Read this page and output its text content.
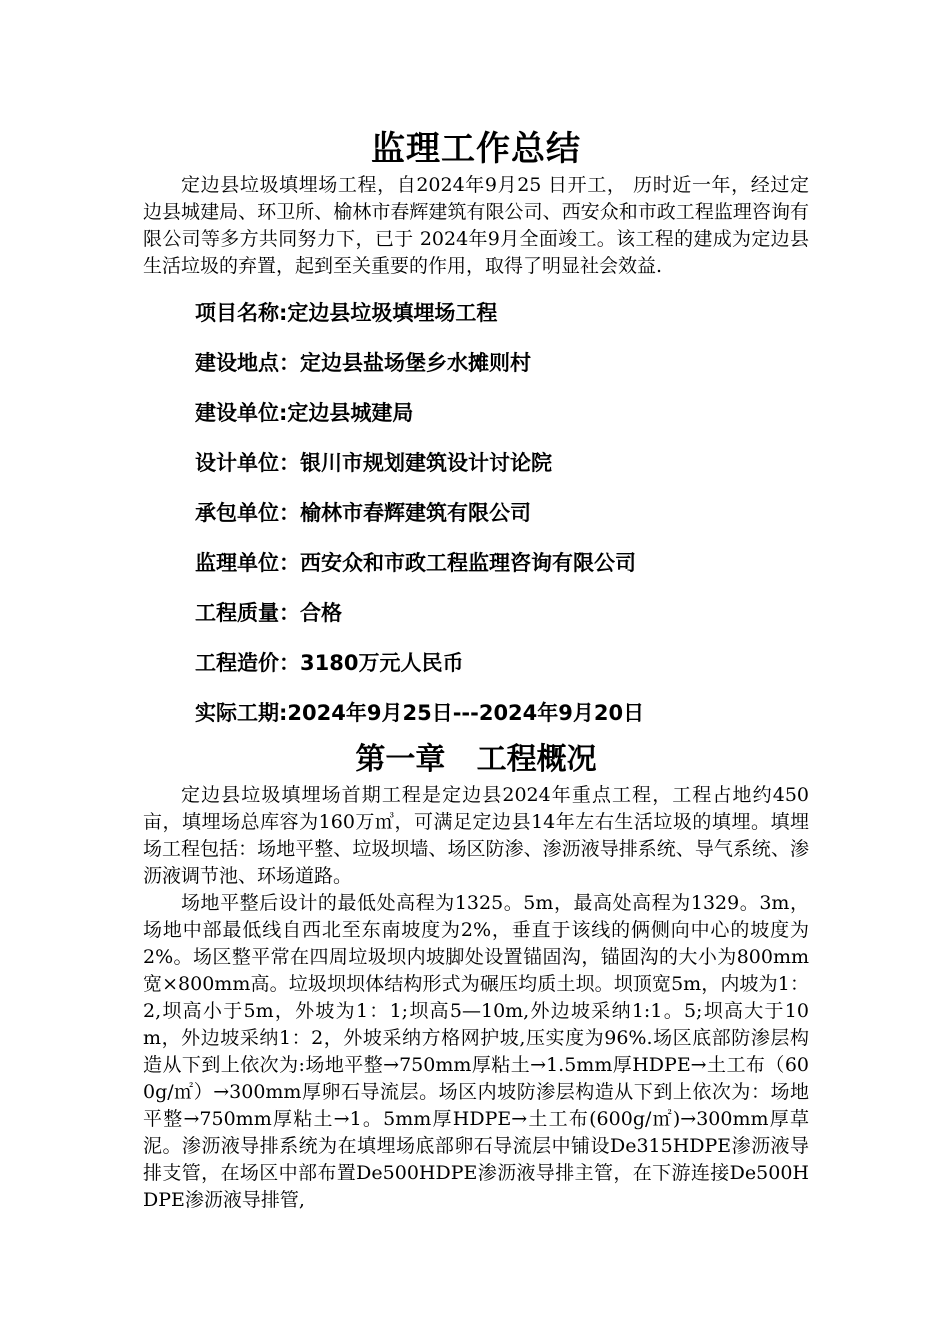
监理工作总结

定边县垃圾填埋场工程，自2024年9月25 日开工， 历时近一年，经过定边县城建局、环卫所、榆林市春辉建筑有限公司、西安众和市政工程监理咨询有限公司等多方共同努力下，已于 2024年9月全面竣工。该工程的建成为定边县生活垃圾的弃置，起到至关重要的作用，取得了明显社会效益.

项目名称:定边县垃圾填埋场工程
建设地点：定边县盐场堡乡水摊则村
建设单位:定边县城建局
设计单位：银川市规划建筑设计讨论院
承包单位：榆林市春辉建筑有限公司
监理单位：西安众和市政工程监理咨询有限公司
工程质量：合格
工程造价：3180万元人民币
实际工期:2024年9月25日---2024年9月20日
第一章   工程概况

定边县垃圾填埋场首期工程是定边县2024年重点工程，工程占地约450亩，填埋场总库容为160万㎥，可满足定边县14年左右生活垃圾的填埋。填埋场工程包括：场地平整、垃圾坝墙、场区防渗、渗沥液导排系统、导气系统、渗沥液调节池、环场道路。

场地平整后设计的最低处高程为1325。5m，最高处高程为1329。3m，场地中部最低线自西北至东南坡度为2%，垂直于该线的俩侧向中心的坡度为2%。场区整平常在四周垃圾坝内坡脚处设置锚固沟，锚固沟的大小为800mm宽×800mm高。垃圾坝坝体结构形式为碾压均质土坝。坝顶宽5m，内坡为1：2,坝高小于5m，外坡为1：1;坝高5—10m,外边坡采纳1:1。5;坝高大于10m，外边坡采纳1：2，外坡采纳方格网护坡,压实度为96%.场区底部防渗层构造从下到上依次为:场地平整→750mm厚粘土→1.5mm厚HDPE→土工布（600g/㎡）→300mm厚卵石导流层。场区内坡防渗层构造从下到上依次为：场地平整→750mm厚粘土→1。5mm厚HDPE→土工布(600g/㎡)→300mm厚草泥。渗沥液导排系统为在填埋场底部卵石导流层中铺设De315HDPE渗沥液导排支管，在场区中部布置De500HDPE渗沥液导排主管，在下游连接De500HDPE渗沥液导排管,
